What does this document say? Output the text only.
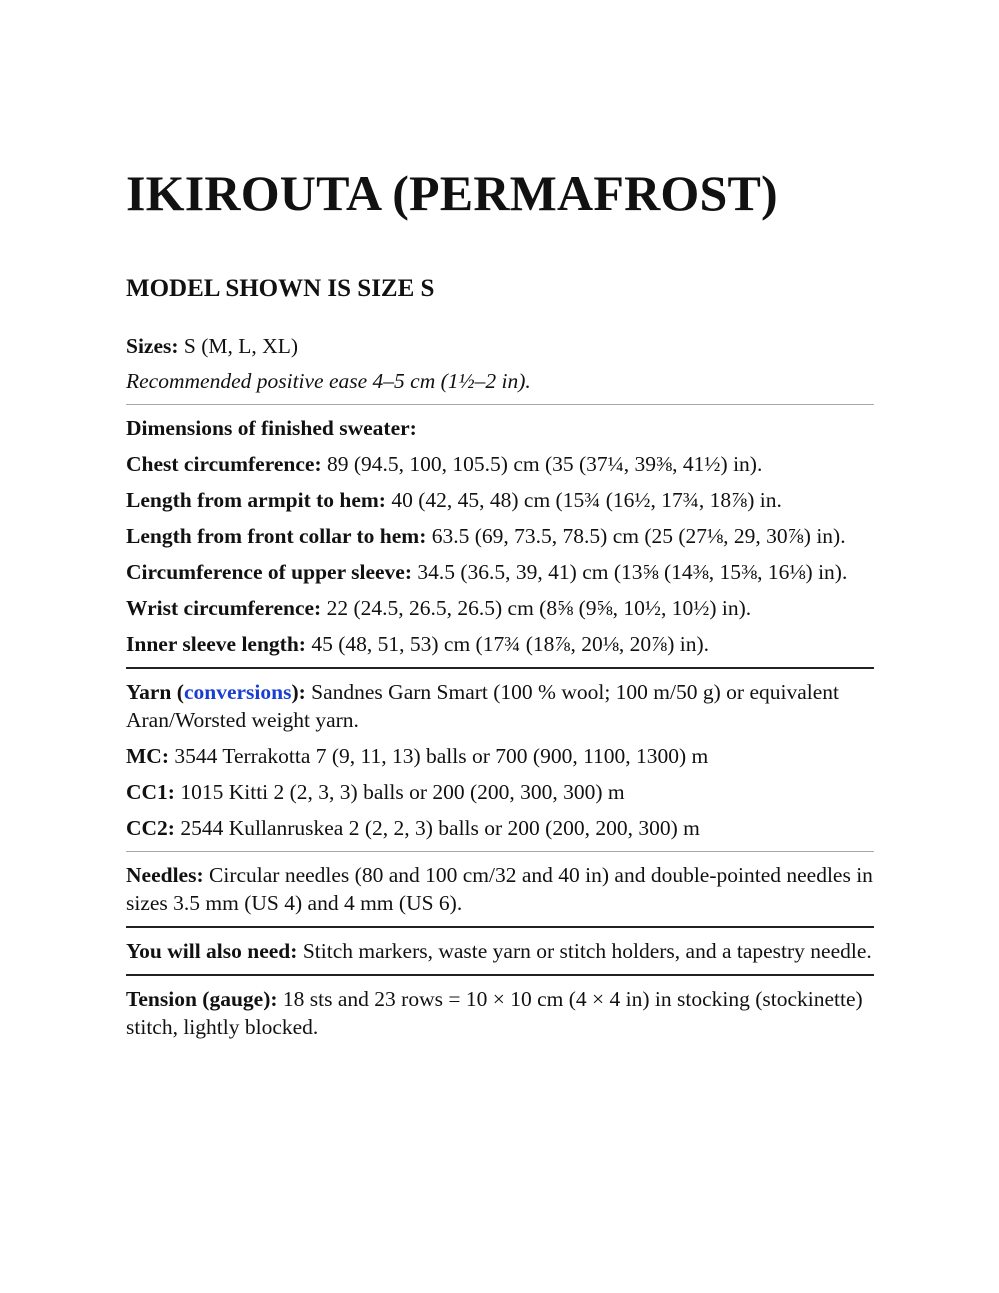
IKIROUTA (PERMAFROST)
MODEL SHOWN IS SIZE S

Sizes: S (M, L, XL)

Recommended positive ease 4–5 cm (1½–2 in).

Dimensions of finished sweater:

Chest circumference: 89 (94.5, 100, 105.5) cm (35 (37¼, 39⅜, 41½) in).

Length from armpit to hem: 40 (42, 45, 48) cm (15¾ (16½, 17¾, 18⅞) in.

Length from front collar to hem: 63.5 (69, 73.5, 78.5) cm (25 (27⅛, 29, 30⅞) in).

Circumference of upper sleeve: 34.5 (36.5, 39, 41) cm (13⅝ (14⅜, 15⅜, 16⅛) in).

Wrist circumference: 22 (24.5, 26.5, 26.5) cm (8⅝ (9⅝, 10½, 10½) in).

Inner sleeve length: 45 (48, 51, 53) cm (17¾ (18⅞, 20⅛, 20⅞) in).

Yarn (conversions): Sandnes Garn Smart (100 % wool; 100 m/50 g) or equivalent Aran/Worsted weight yarn.

MC: 3544 Terrakotta 7 (9, 11, 13) balls or 700 (900, 1100, 1300) m

CC1: 1015 Kitti 2 (2, 3, 3) balls or 200 (200, 300, 300) m

CC2: 2544 Kullanruskea 2 (2, 2, 3) balls or 200 (200, 200, 300) m

Needles: Circular needles (80 and 100 cm/32 and 40 in) and double-pointed needles in sizes 3.5 mm (US 4) and 4 mm (US 6).

You will also need: Stitch markers, waste yarn or stitch holders, and a tapestry needle.

Tension (gauge): 18 sts and 23 rows = 10 × 10 cm (4 × 4 in) in stocking (stockinette) stitch, lightly blocked.
